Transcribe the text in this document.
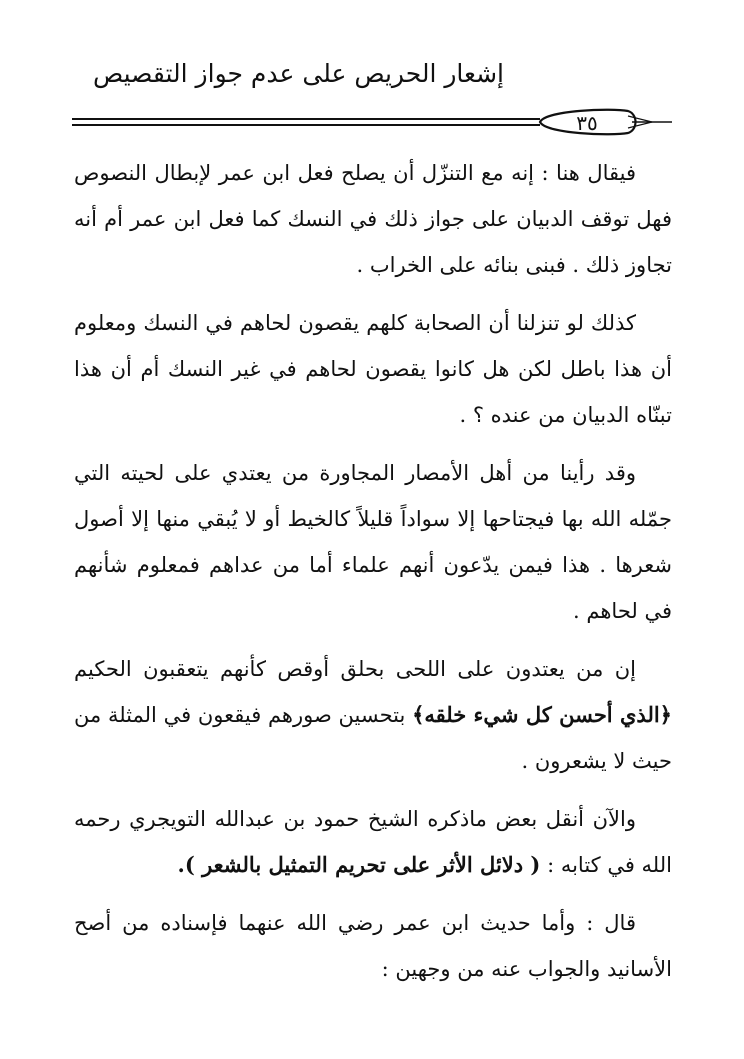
إشعار الحريص على عدم جواز التقصيص
٣٥

فيقال هنا : إنه مع التنزّل أن يصلح فعل ابن عمر لإبطال النصوص فهل توقف الدبيان على جواز ذلك في النسك كما فعل ابن عمر أم أنه تجاوز ذلك . فبنى بنائه على الخراب .

كذلك لو تنزلنا أن الصحابة كلهم يقصون لحاهم في النسك ومعلوم أن هذا باطل لكن هل كانوا يقصون لحاهم في غير النسك أم أن هذا تبنّاه الدبيان من عنده ؟ .

وقد رأينا من أهل الأمصار المجاورة من يعتدي على لحيته التي جمّله الله بها فيجتاحها إلا سواداً قليلاً كالخيط أو لا يُبقي منها إلا أصول شعرها . هذا فيمن يدّعون أنهم علماء أما من عداهم فمعلوم شأنهم في لحاهم .

إن من يعتدون على اللحى بحلق أوقص كأنهم يتعقبون الحكيم ﴿الذي أحسن كل شيء خلقه﴾ بتحسين صورهم فيقعون في المثلة من حيث لا يشعرون .

والآن أنقل بعض ماذكره الشيخ حمود بن عبدالله التويجري رحمه الله في كتابه : ( دلائل الأثر على تحريم التمثيل بالشعر ).

قال : وأما حديث ابن عمر رضي الله عنهما فإسناده من أصح الأسانيد والجواب عنه من وجهين :
